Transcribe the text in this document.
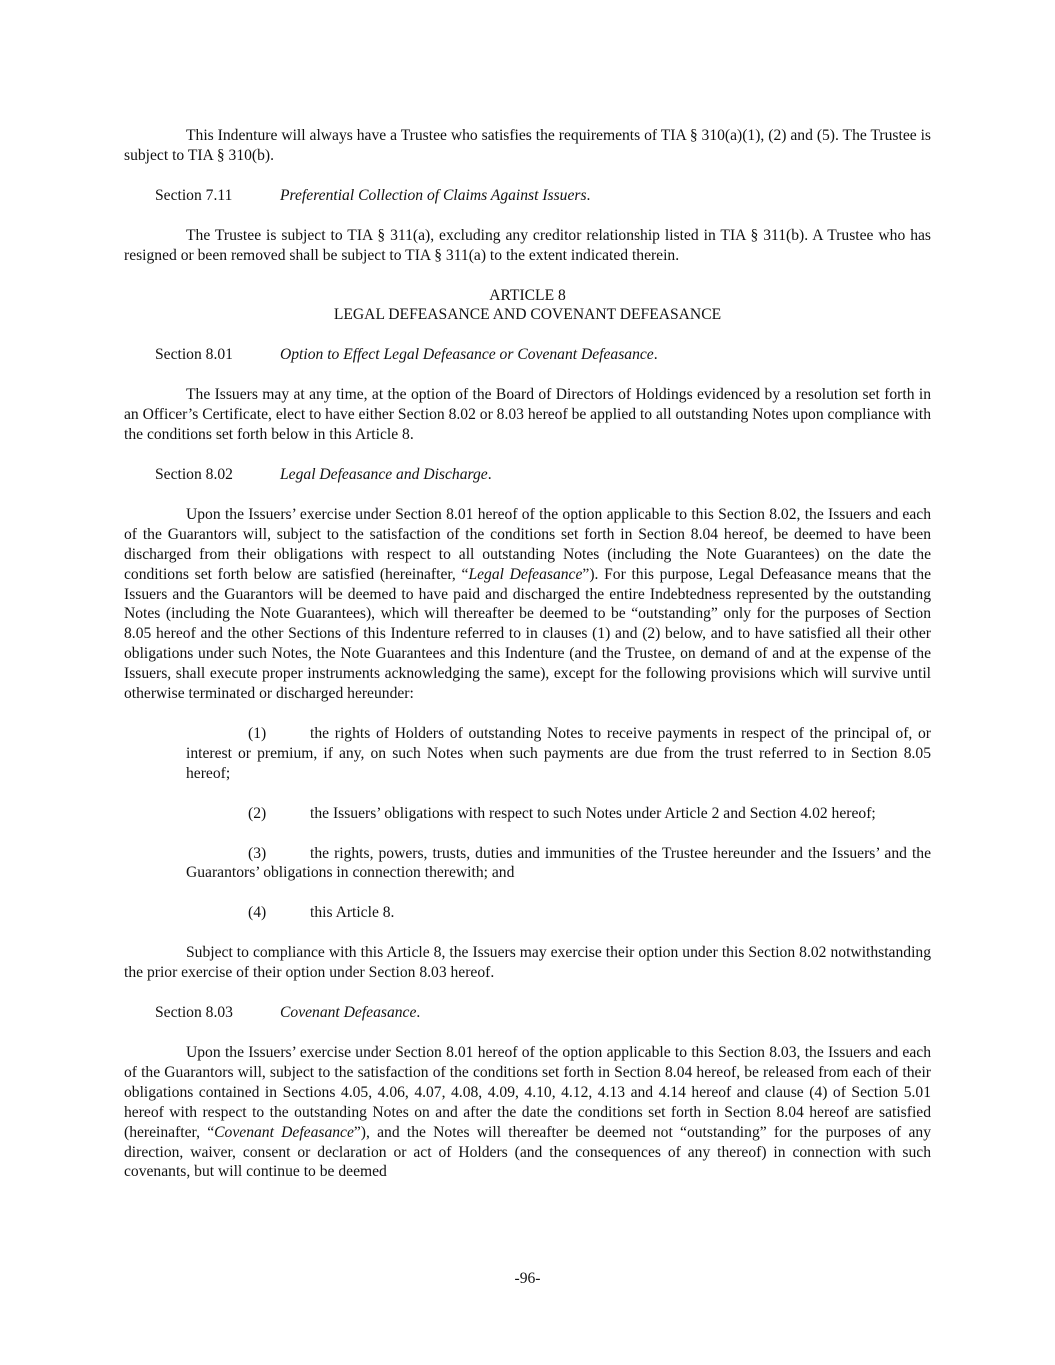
This Indenture will always have a Trustee who satisfies the requirements of TIA § 310(a)(1), (2) and (5). The Trustee is subject to TIA § 310(b).

Section 7.11	Preferential Collection of Claims Against Issuers.

The Trustee is subject to TIA § 311(a), excluding any creditor relationship listed in TIA § 311(b). A Trustee who has resigned or been removed shall be subject to TIA § 311(a) to the extent indicated therein.

ARTICLE 8
LEGAL DEFEASANCE AND COVENANT DEFEASANCE

Section 8.01	Option to Effect Legal Defeasance or Covenant Defeasance.

The Issuers may at any time, at the option of the Board of Directors of Holdings evidenced by a resolution set forth in an Officer’s Certificate, elect to have either Section 8.02 or 8.03 hereof be applied to all outstanding Notes upon compliance with the conditions set forth below in this Article 8.

Section 8.02	Legal Defeasance and Discharge.

Upon the Issuers’ exercise under Section 8.01 hereof of the option applicable to this Section 8.02, the Issuers and each of the Guarantors will, subject to the satisfaction of the conditions set forth in Section 8.04 hereof, be deemed to have been discharged from their obligations with respect to all outstanding Notes (including the Note Guarantees) on the date the conditions set forth below are satisfied (hereinafter, “Legal Defeasance”). For this purpose, Legal Defeasance means that the Issuers and the Guarantors will be deemed to have paid and discharged the entire Indebtedness represented by the outstanding Notes (including the Note Guarantees), which will thereafter be deemed to be “outstanding” only for the purposes of Section 8.05 hereof and the other Sections of this Indenture referred to in clauses (1) and (2) below, and to have satisfied all their other obligations under such Notes, the Note Guarantees and this Indenture (and the Trustee, on demand of and at the expense of the Issuers, shall execute proper instruments acknowledging the same), except for the following provisions which will survive until otherwise terminated or discharged hereunder:

(1)	the rights of Holders of outstanding Notes to receive payments in respect of the principal of, or interest or premium, if any, on such Notes when such payments are due from the trust referred to in Section 8.05 hereof;

(2)	the Issuers’ obligations with respect to such Notes under Article 2 and Section 4.02 hereof;

(3)	the rights, powers, trusts, duties and immunities of the Trustee hereunder and the Issuers’ and the Guarantors’ obligations in connection therewith; and

(4)	this Article 8.

Subject to compliance with this Article 8, the Issuers may exercise their option under this Section 8.02 notwithstanding the prior exercise of their option under Section 8.03 hereof.

Section 8.03	Covenant Defeasance.

Upon the Issuers’ exercise under Section 8.01 hereof of the option applicable to this Section 8.03, the Issuers and each of the Guarantors will, subject to the satisfaction of the conditions set forth in Section 8.04 hereof, be released from each of their obligations contained in Sections 4.05, 4.06, 4.07, 4.08, 4.09, 4.10, 4.12, 4.13 and 4.14 hereof and clause (4) of Section 5.01 hereof with respect to the outstanding Notes on and after the date the conditions set forth in Section 8.04 hereof are satisfied (hereinafter, “Covenant Defeasance”), and the Notes will thereafter be deemed not “outstanding” for the purposes of any direction, waiver, consent or declaration or act of Holders (and the consequences of any thereof) in connection with such covenants, but will continue to be deemed

-96-
